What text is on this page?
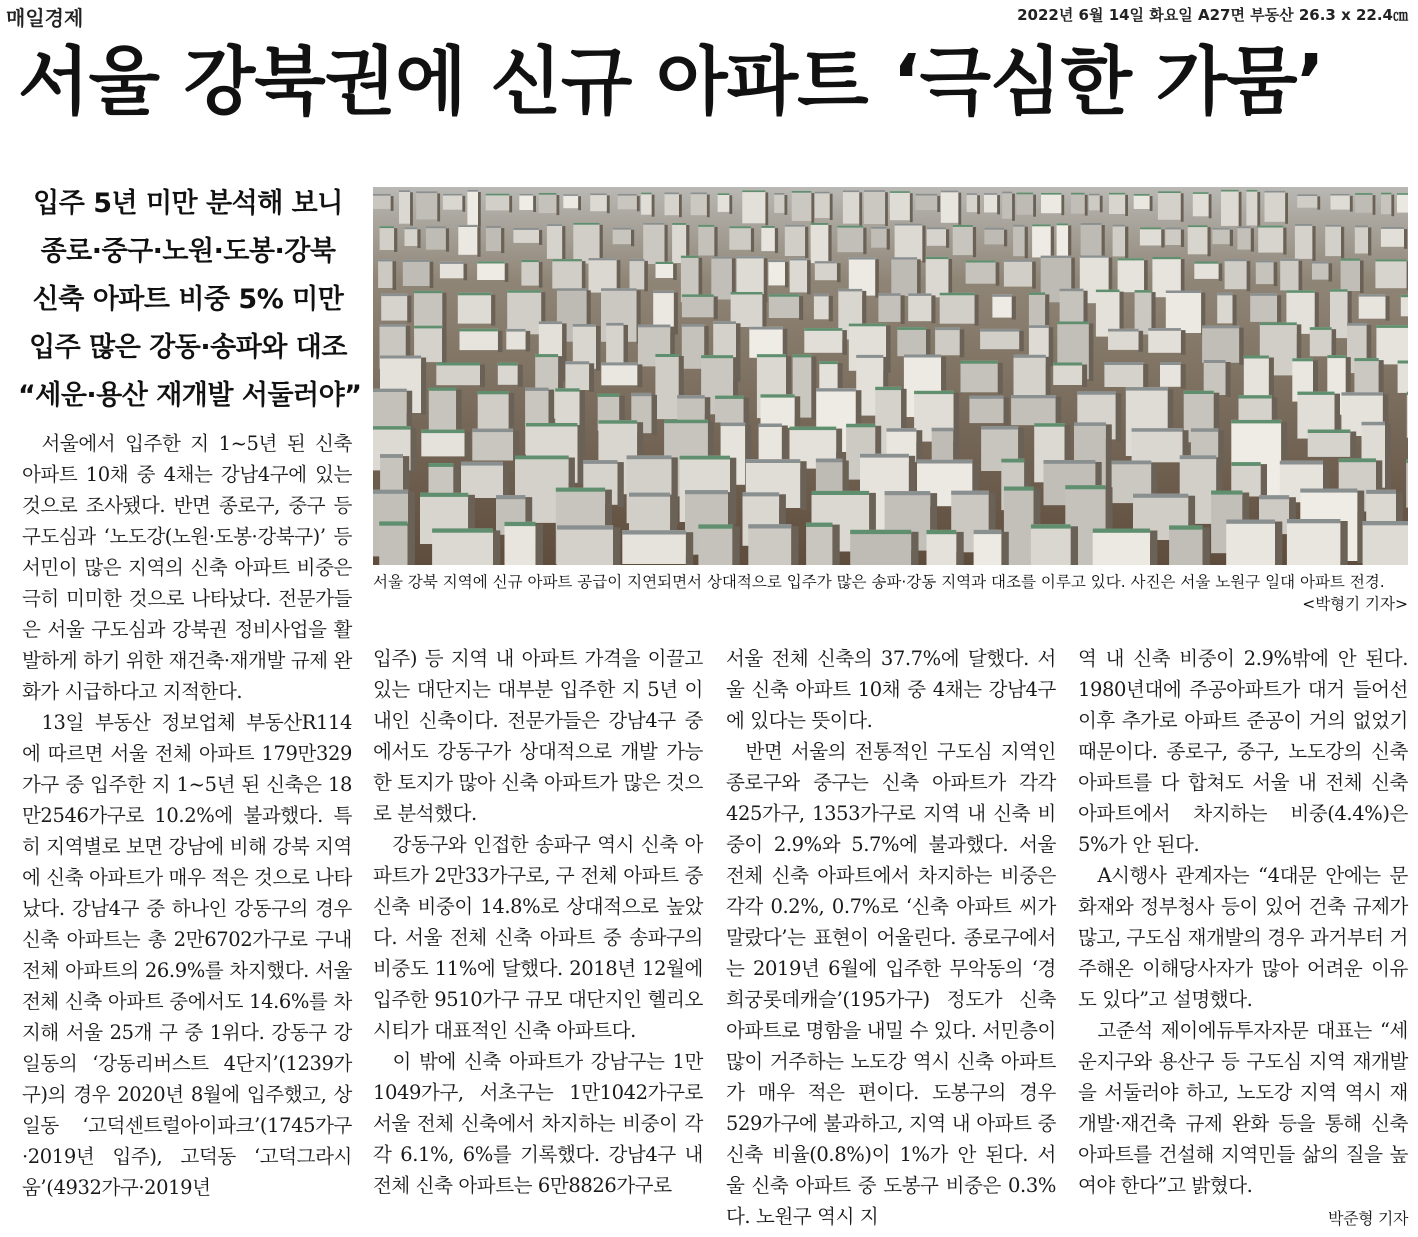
매일경제	2022년 6월 14일 화요일 A27면 부동산 26.3 x 22.4㎝
서울 강북권에 신규 아파트 ‘극심한 가뭄’
입주 5년 미만 분석해 보니
종로·중구·노원·도봉·강북
신축 아파트 비중 5% 미만
입주 많은 강동·송파와 대조
“세운·용산 재개발 서둘러야”
서울 강북 지역에 신규 아파트 공급이 지연되면서 상대적으로 입주가 많은 송파·강동 지역과 대조를 이루고 있다. 사진은 서울 노원구 일대 아파트 전경.
<박형기 기자>

서울에서 입주한 지 1~5년 된 신축 아파트 10채 중 4채는 강남4구에 있는 것으로 조사됐다. 반면 종로구, 중구 등 구도심과 ‘노도강(노원·도봉·강북구)’ 등 서민이 많은 지역의 신축 아파트 비중은 극히 미미한 것으로 나타났다. 전문가들은 서울 구도심과 강북권 정비사업을 활발하게 하기 위한 재건축·재개발 규제 완화가 시급하다고 지적한다.

13일 부동산 정보업체 부동산R114에 따르면 서울 전체 아파트 179만329가구 중 입주한 지 1~5년 된 신축은 18만2546가구로 10.2%에 불과했다. 특히 지역별로 보면 강남에 비해 강북 지역에 신축 아파트가 매우 적은 것으로 나타났다. 강남4구 중 하나인 강동구의 경우 신축 아파트는 총 2만6702가구로 구내 전체 아파트의 26.9%를 차지했다. 서울 전체 신축 아파트 중에서도 14.6%를 차지해 서울 25개 구 중 1위다. 강동구 강일동의 ‘강동리버스트 4단지’(1239가구)의 경우 2020년 8월에 입주했고, 상일동 ‘고덕센트럴아이파크’(1745가구·2019년 입주), 고덕동 ‘고덕그라시움’(4932가구·2019년

입주) 등 지역 내 아파트 가격을 이끌고 있는 대단지는 대부분 입주한 지 5년 이내인 신축이다. 전문가들은 강남4구 중에서도 강동구가 상대적으로 개발 가능한 토지가 많아 신축 아파트가 많은 것으로 분석했다.

강동구와 인접한 송파구 역시 신축 아파트가 2만33가구로, 구 전체 아파트 중 신축 비중이 14.8%로 상대적으로 높았다. 서울 전체 신축 아파트 중 송파구의 비중도 11%에 달했다. 2018년 12월에 입주한 9510가구 규모 대단지인 헬리오시티가 대표적인 신축 아파트다.

이 밖에 신축 아파트가 강남구는 1만1049가구, 서초구는 1만1042가구로 서울 전체 신축에서 차지하는 비중이 각각 6.1%, 6%를 기록했다. 강남4구 내 전체 신축 아파트는 6만8826가구로

서울 전체 신축의 37.7%에 달했다. 서울 신축 아파트 10채 중 4채는 강남4구에 있다는 뜻이다.

반면 서울의 전통적인 구도심 지역인 종로구와 중구는 신축 아파트가 각각 425가구, 1353가구로 지역 내 신축 비중이 2.9%와 5.7%에 불과했다. 서울 전체 신축 아파트에서 차지하는 비중은 각각 0.2%, 0.7%로 ‘신축 아파트 씨가 말랐다’는 표현이 어울린다. 종로구에서는 2019년 6월에 입주한 무악동의 ‘경희궁롯데캐슬’(195가구) 정도가 신축 아파트로 명함을 내밀 수 있다. 서민층이 많이 거주하는 노도강 역시 신축 아파트가 매우 적은 편이다. 도봉구의 경우 529가구에 불과하고, 지역 내 아파트 중 신축 비율(0.8%)이 1%가 안 된다. 서울 신축 아파트 중 도봉구 비중은 0.3%다. 노원구 역시 지

역 내 신축 비중이 2.9%밖에 안 된다. 1980년대에 주공아파트가 대거 들어선 이후 추가로 아파트 준공이 거의 없었기 때문이다. 종로구, 중구, 노도강의 신축 아파트를 다 합쳐도 서울 내 전체 신축 아파트에서 차지하는 비중(4.4%)은 5%가 안 된다.

A시행사 관계자는 “4대문 안에는 문화재와 정부청사 등이 있어 건축 규제가 많고, 구도심 재개발의 경우 과거부터 거주해온 이해당사자가 많아 어려운 이유도 있다”고 설명했다.

고준석 제이에듀투자자문 대표는 “세운지구와 용산구 등 구도심 지역 재개발을 서둘러야 하고, 노도강 지역 역시 재개발·재건축 규제 완화 등을 통해 신축 아파트를 건설해 지역민들 삶의 질을 높여야 한다”고 밝혔다.

박준형 기자
